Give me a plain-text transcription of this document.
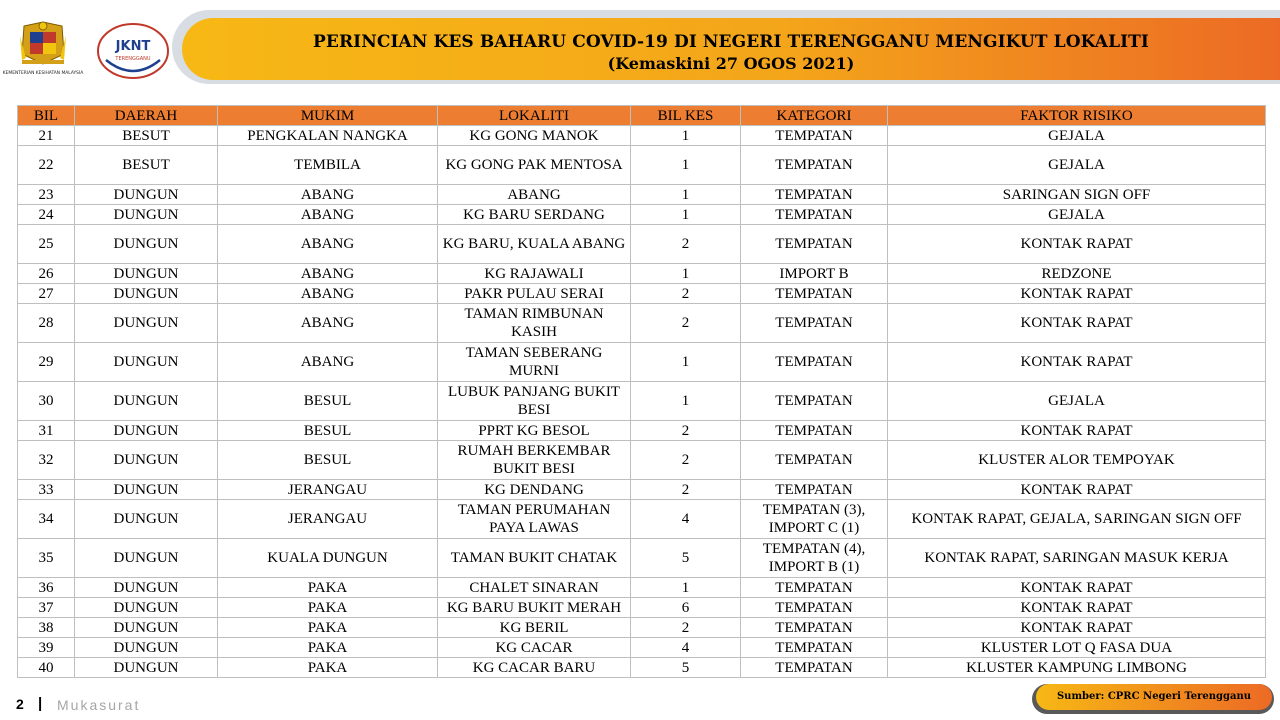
KEMENTERIAN KESIHATAN MALAYSIA
JKNT
TERENGGANU
PERINCIAN KES BAHARU COVID-19 DI NEGERI TERENGGANU MENGIKUT LOKALITI
(Kemaskini 27 OGOS 2021)
BIL	DAERAH	MUKIM	LOKALITI	BIL KES	KATEGORI	FAKTOR RISIKO
21	BESUT	PENGKALAN NANGKA	KG GONG MANOK	1	TEMPATAN	GEJALA
22	BESUT	TEMBILA	KG GONG PAK MENTOSA	1	TEMPATAN	GEJALA
23	DUNGUN	ABANG	ABANG	1	TEMPATAN	SARINGAN SIGN OFF
24	DUNGUN	ABANG	KG BARU SERDANG	1	TEMPATAN	GEJALA
25	DUNGUN	ABANG	KG BARU, KUALA ABANG	2	TEMPATAN	KONTAK RAPAT
26	DUNGUN	ABANG	KG RAJAWALI	1	IMPORT B	REDZONE
27	DUNGUN	ABANG	PAKR PULAU SERAI	2	TEMPATAN	KONTAK RAPAT
28	DUNGUN	ABANG	TAMAN RIMBUNAN KASIH	2	TEMPATAN	KONTAK RAPAT
29	DUNGUN	ABANG	TAMAN SEBERANG MURNI	1	TEMPATAN	KONTAK RAPAT
30	DUNGUN	BESUL	LUBUK PANJANG BUKIT BESI	1	TEMPATAN	GEJALA
31	DUNGUN	BESUL	PPRT KG BESOL	2	TEMPATAN	KONTAK RAPAT
32	DUNGUN	BESUL	RUMAH BERKEMBAR BUKIT BESI	2	TEMPATAN	KLUSTER ALOR TEMPOYAK
33	DUNGUN	JERANGAU	KG DENDANG	2	TEMPATAN	KONTAK RAPAT
34	DUNGUN	JERANGAU	TAMAN PERUMAHAN PAYA LAWAS	4	TEMPATAN (3), IMPORT C (1)	KONTAK RAPAT, GEJALA, SARINGAN SIGN OFF
35	DUNGUN	KUALA DUNGUN	TAMAN BUKIT CHATAK	5	TEMPATAN (4), IMPORT B (1)	KONTAK RAPAT, SARINGAN MASUK KERJA
36	DUNGUN	PAKA	CHALET SINARAN	1	TEMPATAN	KONTAK RAPAT
37	DUNGUN	PAKA	KG BARU BUKIT MERAH	6	TEMPATAN	KONTAK RAPAT
38	DUNGUN	PAKA	KG BERIL	2	TEMPATAN	KONTAK RAPAT
39	DUNGUN	PAKA	KG CACAR	4	TEMPATAN	KLUSTER LOT Q FASA DUA
40	DUNGUN	PAKA	KG CACAR BARU	5	TEMPATAN	KLUSTER KAMPUNG LIMBONG
2 | Mukasurat
Sumber: CPRC Negeri Terengganu
